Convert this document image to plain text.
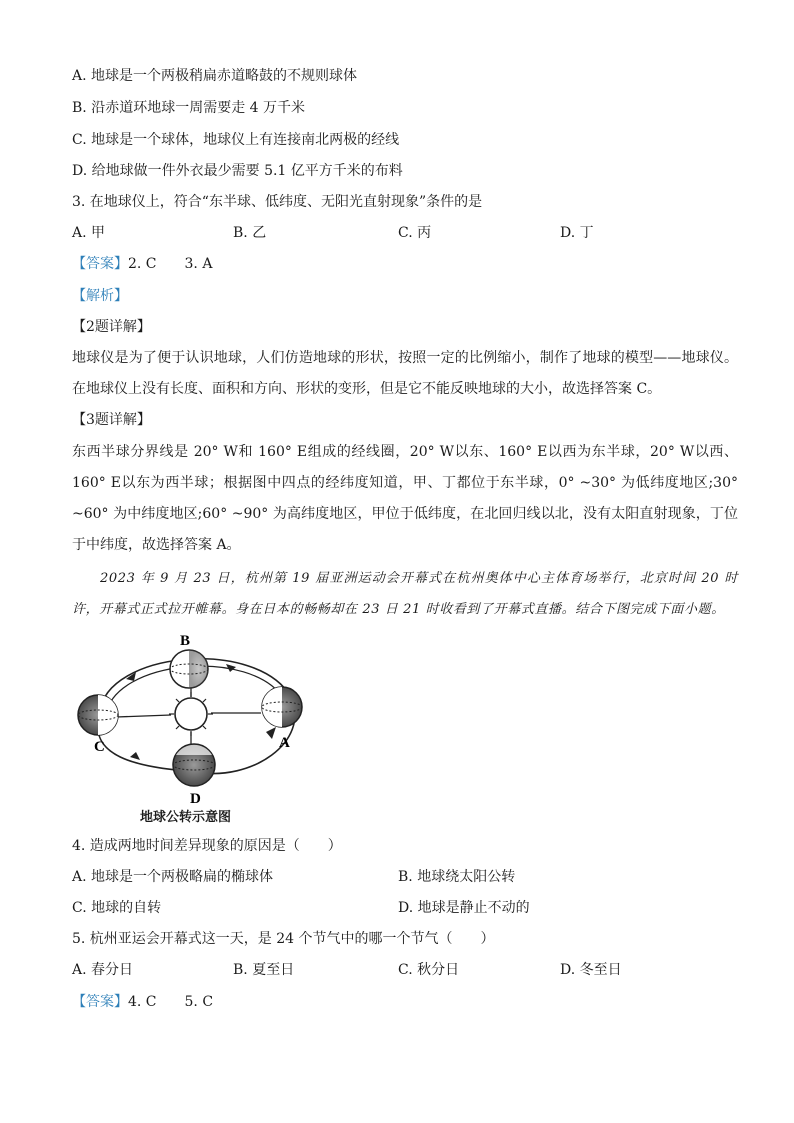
A. 地球是一个两极稍扁赤道略鼓的不规则球体
B. 沿赤道环地球一周需要走 4 万千米
C. 地球是一个球体，地球仪上有连接南北两极的经线
D. 给地球做一件外衣最少需要 5.1 亿平方千米的布料
3. 在地球仪上，符合“东半球、低纬度、无阳光直射现象”条件的是
A. 甲	B. 乙	C. 丙	D. 丁
【答案】2. C　　3. A
【解析】
【2题详解】
地球仪是为了便于认识地球，人们仿造地球的形状，按照一定的比例缩小，制作了地球的模型——地球仪。在地球仪上没有长度、面积和方向、形状的变形，但是它不能反映地球的大小，故选择答案 C。
【3题详解】
东西半球分界线是 20° W和 160° E组成的经线圈，20° W以东、160° E以西为东半球，20° W以西、160° E以东为西半球；根据图中四点的经纬度知道，甲、丁都位于东半球，0° ~30° 为低纬度地区;30° ~60° 为中纬度地区;60° ~90° 为高纬度地区，甲位于低纬度，在北回归线以北，没有太阳直射现象，丁位于中纬度，故选择答案 A。
2023 年 9 月 23 日，杭州第 19 届亚洲运动会开幕式在杭州奥体中心主体育场举行，北京时间 20 时许，开幕式正式拉开帷幕。身在日本的畅畅却在 23 日 21 时收看到了开幕式直播。结合下图完成下面小题。
B
A
C
D
地球公转示意图
4. 造成两地时间差异现象的原因是（　　）
A. 地球是一个两极略扁的椭球体	B. 地球绕太阳公转
C. 地球的自转	D. 地球是静止不动的
5. 杭州亚运会开幕式这一天，是 24 个节气中的哪一个节气（　　）
A. 春分日	B. 夏至日	C. 秋分日	D. 冬至日
【答案】4. C　　5. C
